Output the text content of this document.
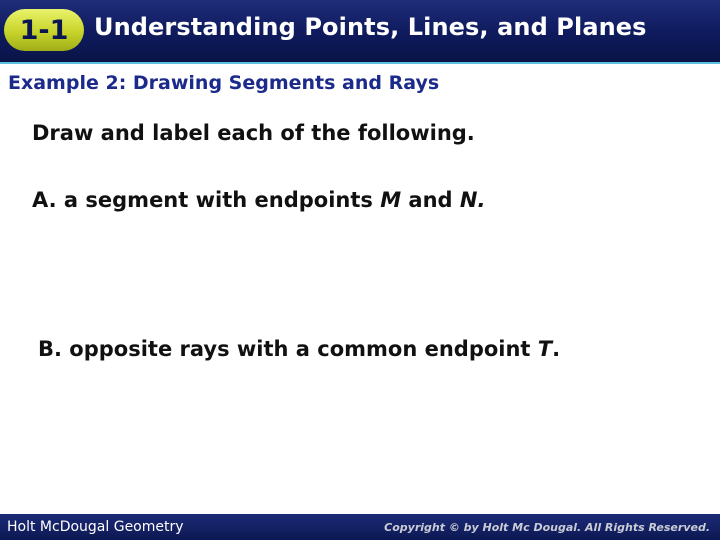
1-1	Understanding Points, Lines, and Planes
Example 2: Drawing Segments and Rays
Draw and label each of the following.
A. a segment with endpoints M and N.
B. opposite rays with a common endpoint T.
Holt McDougal Geometry	Copyright © by Holt Mc Dougal. All Rights Reserved.
